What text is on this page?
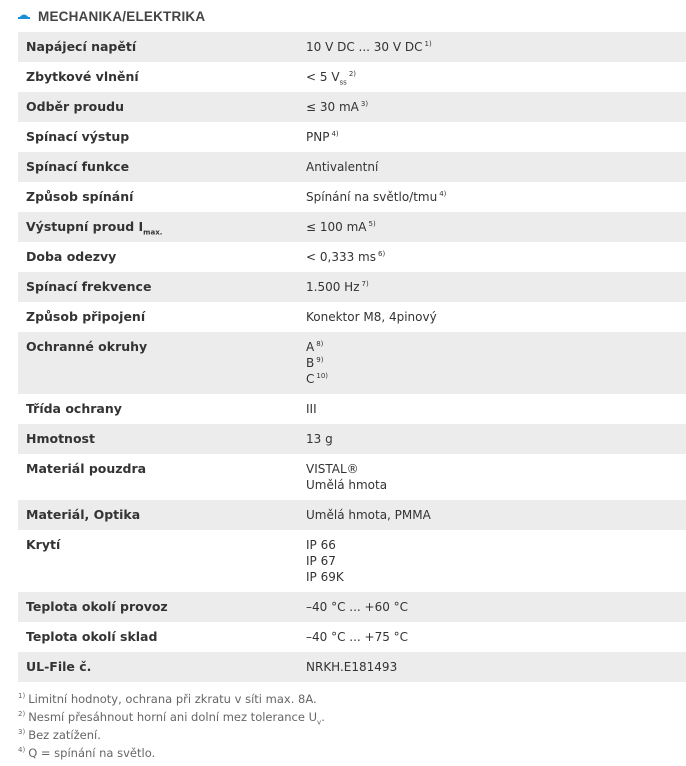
MECHANIKA/ELEKTRIKA
Napájecí napětí	10 V DC ... 30 V DC $^{1)}$
Zbytkové vlnění	< 5 $V_{ss}^{2)}$
Odběr proudu	≤ 30 mA $^{3)}$
Spínací výstup	PNP $^{4)}$
Spínací funkce	Antivalentní
Způsob spínání	Spínání na světlo/tmu $^{4)}$
Výstupní proud $I_{max.}$	≤ 100 mA $^{5)}$
Doba odezvy	< 0,333 ms $^{6)}$
Spínací frekvence	1.500 Hz $^{7)}$
Způsob připojení	Konektor M8, 4pinový
Ochranné okruhy	A $^{8)}$
B $^{9)}$
C $^{10)}$
Třída ochrany	III
Hmotnost	13 g
Materiál pouzdra	VISTAL®
Umělá hmota
Materiál, Optika	Umělá hmota, PMMA
Krytí	IP 66
IP 67
IP 69K
Teplota okolí provoz	–40 °C ... +60 °C
Teplota okolí sklad	–40 °C ... +75 °C
UL-File č.	NRKH.E181493
$^{1)}$ Limitní hodnoty, ochrana při zkratu v síti max. 8A.
$^{2)}$ Nesmí přesáhnout horní ani dolní mez tolerance $U_v$.
$^{3)}$ Bez zatížení.
$^{4)}$ Q = spínání na světlo.
